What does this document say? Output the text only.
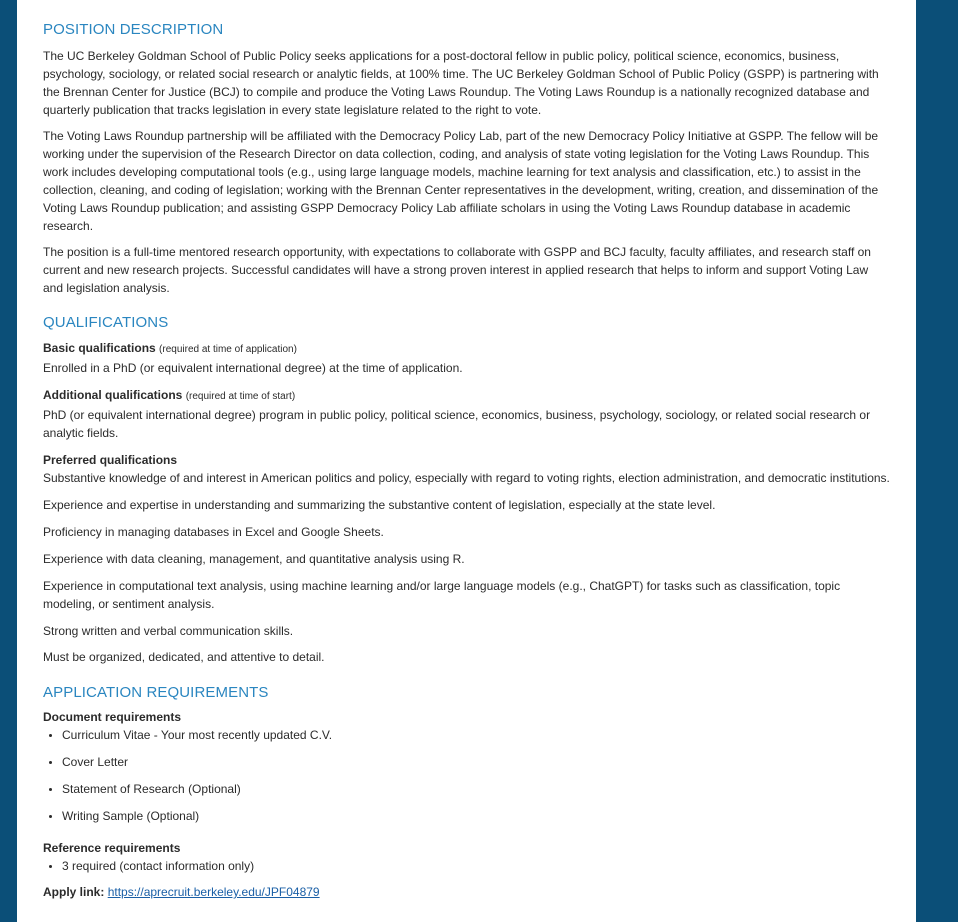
POSITION DESCRIPTION

The UC Berkeley Goldman School of Public Policy seeks applications for a post-doctoral fellow in public policy, political science, economics, business, psychology, sociology, or related social research or analytic fields, at 100% time. The UC Berkeley Goldman School of Public Policy (GSPP) is partnering with the Brennan Center for Justice (BCJ) to compile and produce the Voting Laws Roundup. The Voting Laws Roundup is a nationally recognized database and quarterly publication that tracks legislation in every state legislature related to the right to vote.

The Voting Laws Roundup partnership will be affiliated with the Democracy Policy Lab, part of the new Democracy Policy Initiative at GSPP. The fellow will be working under the supervision of the Research Director on data collection, coding, and analysis of state voting legislation for the Voting Laws Roundup. This work includes developing computational tools (e.g., using large language models, machine learning for text analysis and classification, etc.) to assist in the collection, cleaning, and coding of legislation; working with the Brennan Center representatives in the development, writing, creation, and dissemination of the Voting Laws Roundup publication; and assisting GSPP Democracy Policy Lab affiliate scholars in using the Voting Laws Roundup database in academic research.

The position is a full-time mentored research opportunity, with expectations to collaborate with GSPP and BCJ faculty, faculty affiliates, and research staff on current and new research projects. Successful candidates will have a strong proven interest in applied research that helps to inform and support Voting Law and legislation analysis.

QUALIFICATIONS

Basic qualifications (required at time of application)

Enrolled in a PhD (or equivalent international degree) at the time of application.

Additional qualifications (required at time of start)

PhD (or equivalent international degree) program in public policy, political science, economics, business, psychology, sociology, or related social research or analytic fields.

Preferred qualifications

Substantive knowledge of and interest in American politics and policy, especially with regard to voting rights, election administration, and democratic institutions.

Experience and expertise in understanding and summarizing the substantive content of legislation, especially at the state level.

Proficiency in managing databases in Excel and Google Sheets.

Experience with data cleaning, management, and quantitative analysis using R.

Experience in computational text analysis, using machine learning and/or large language models (e.g., ChatGPT) for tasks such as classification, topic modeling, or sentiment analysis.

Strong written and verbal communication skills.

Must be organized, dedicated, and attentive to detail.

APPLICATION REQUIREMENTS

Document requirements

• Curriculum Vitae - Your most recently updated C.V.
• Cover Letter
• Statement of Research (Optional)
• Writing Sample (Optional)

Reference requirements

• 3 required (contact information only)

Apply link: https://aprecruit.berkeley.edu/JPF04879
